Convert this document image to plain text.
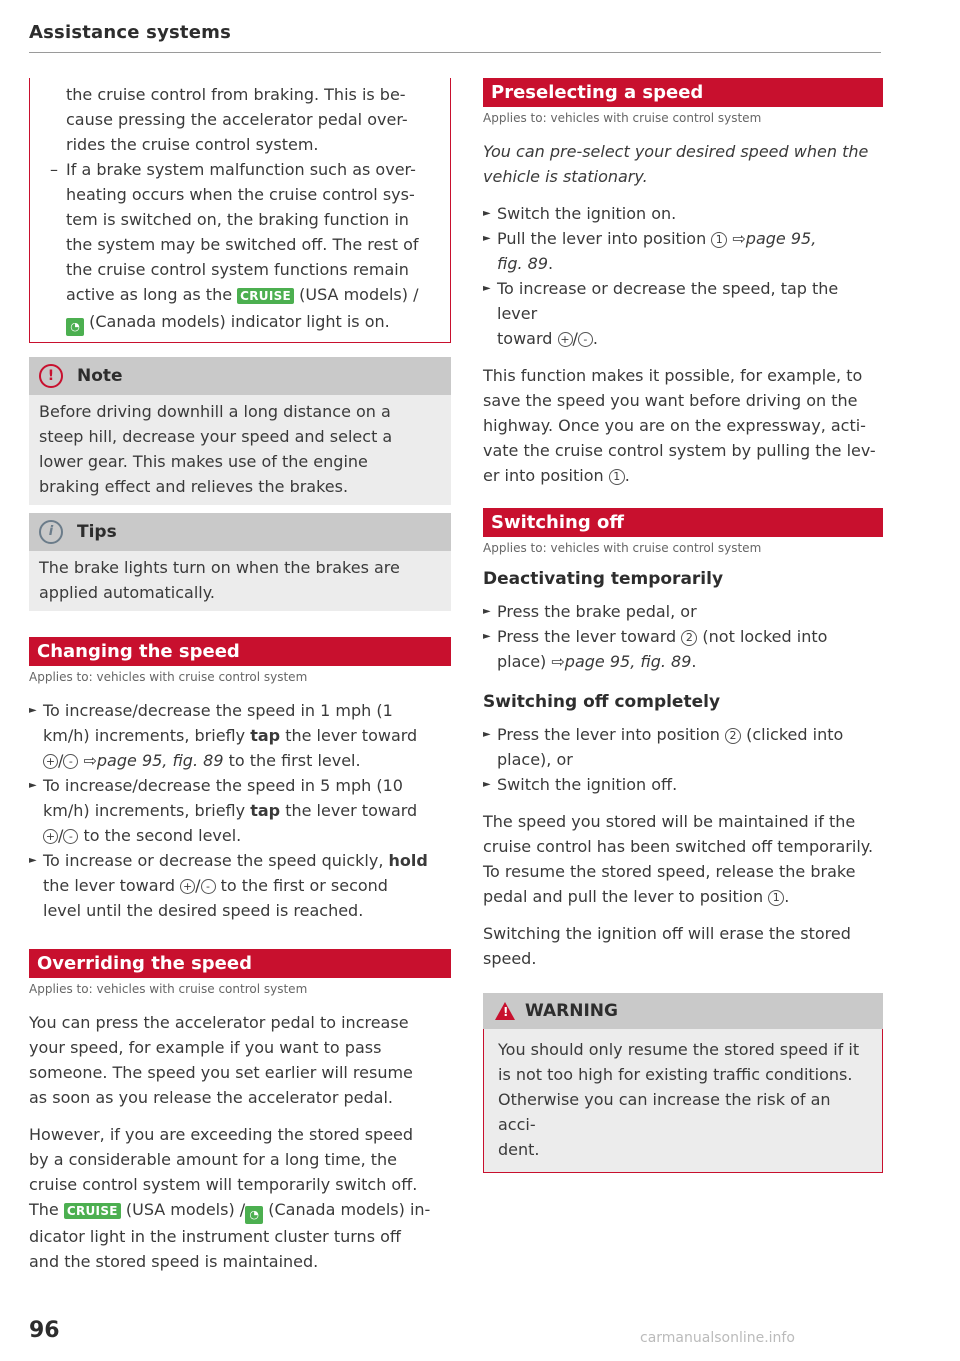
Assistance systems
the cruise control from braking. This is be-
cause pressing the accelerator pedal over-
rides the cruise control system.
– If a brake system malfunction such as over-
heating occurs when the cruise control sys-
tem is switched on, the braking function in
the system may be switched off. The rest of
the cruise control system functions remain
active as long as the CRUISE (USA models) /
◔ (Canada models) indicator light is on.
!	Note

Before driving downhill a long distance on a

steep hill, decrease your speed and select a

lower gear. This makes use of the engine

braking effect and relieves the brakes.

i	Tips

The brake lights turn on when the brakes are

applied automatically.

Changing the speed
Applies to: vehicles with cruise control system
► To increase/decrease the speed in 1 mph (1
km/h) increments, briefly tap the lever toward
+ / - ⇨page 95, fig. 89 to the first level.
► To increase/decrease the speed in 5 mph (10
km/h) increments, briefly tap the lever toward
+ / - to the second level.
► To increase or decrease the speed quickly, hold
the lever toward + / - to the first or second
level until the desired speed is reached.
Overriding the speed
Applies to: vehicles with cruise control system

You can press the accelerator pedal to increase

your speed, for example if you want to pass

someone. The speed you set earlier will resume

as soon as you release the accelerator pedal.

However, if you are exceeding the stored speed

by a considerable amount for a long time, the

cruise control system will temporarily switch off.

The CRUISE (USA models) / ◔ (Canada models) in-

dicator light in the instrument cluster turns off

and the stored speed is maintained.

Preselecting a speed
Applies to: vehicles with cruise control system

You can pre-select your desired speed when the

vehicle is stationary.

► Switch the ignition on.
► Pull the lever into position 1 ⇨page 95,
fig. 89.
► To increase or decrease the speed, tap the lever
toward + / - .

This function makes it possible, for example, to

save the speed you want before driving on the

highway. Once you are on the expressway, acti-

vate the cruise control system by pulling the lev-

er into position 1 .

Switching off
Applies to: vehicles with cruise control system
Deactivating temporarily
► Press the brake pedal, or
► Press the lever toward 2 (not locked into
place) ⇨page 95, fig. 89.
Switching off completely
► Press the lever into position 2 (clicked into
place), or
► Switch the ignition off.

The speed you stored will be maintained if the

cruise control has been switched off temporarily.

To resume the stored speed, release the brake

pedal and pull the lever to position 1 .

Switching the ignition off will erase the stored

speed.

! WARNING

You should only resume the stored speed if it

is not too high for existing traffic conditions.

Otherwise you can increase the risk of an acci-

dent.

96	carmanualsonline.info
